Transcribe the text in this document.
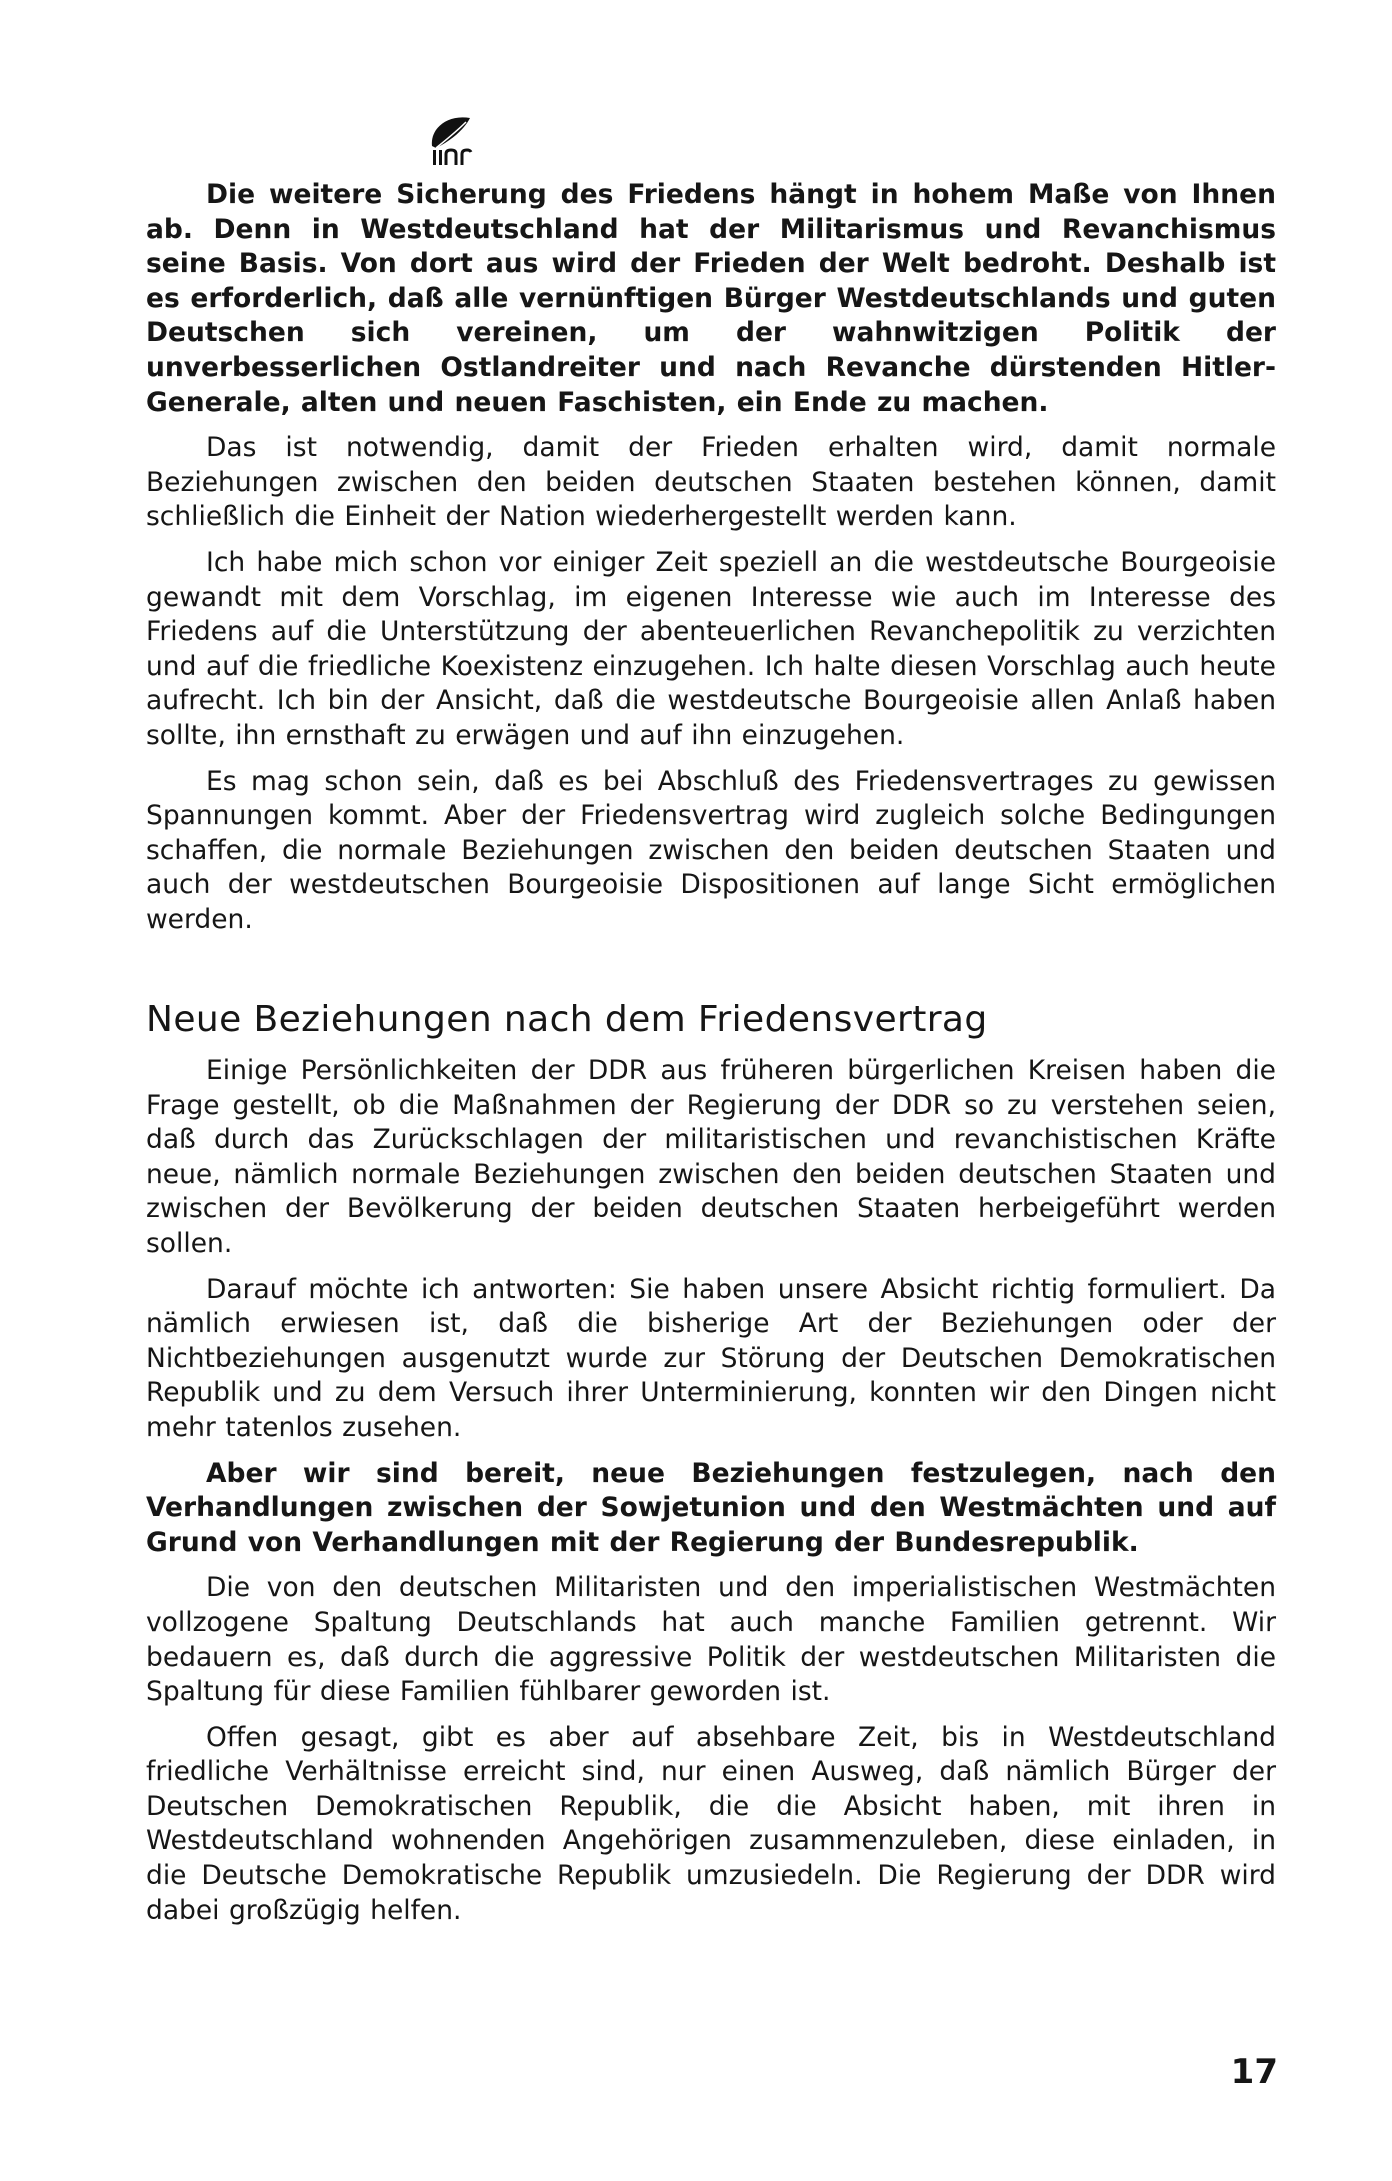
Die weitere Sicherung des Friedens hängt in hohem Maße von Ihnen ab. Denn in Westdeutschland hat der Militarismus und Revanchismus seine Basis. Von dort aus wird der Frieden der Welt bedroht. Deshalb ist es erforderlich, daß alle vernünftigen Bürger Westdeutschlands und guten Deutschen sich vereinen, um der wahnwitzigen Politik der unverbesserlichen Ostlandreiter und nach Revanche dürstenden Hitler-Generale, alten und neuen Faschisten, ein Ende zu machen.

Das ist notwendig, damit der Frieden erhalten wird, damit normale Beziehungen zwischen den beiden deutschen Staaten bestehen können, damit schließlich die Einheit der Nation wiederhergestellt werden kann.

Ich habe mich schon vor einiger Zeit speziell an die westdeutsche Bourgeoisie gewandt mit dem Vorschlag, im eigenen Interesse wie auch im Interesse des Friedens auf die Unterstützung der abenteuerlichen Revanchepolitik zu verzichten und auf die friedliche Koexistenz einzugehen. Ich halte diesen Vorschlag auch heute aufrecht. Ich bin der Ansicht, daß die westdeutsche Bourgeoisie allen Anlaß haben sollte, ihn ernsthaft zu erwägen und auf ihn einzugehen.

Es mag schon sein, daß es bei Abschluß des Friedensvertrages zu gewissen Spannungen kommt. Aber der Friedensvertrag wird zugleich solche Bedingungen schaffen, die normale Beziehungen zwischen den beiden deutschen Staaten und auch der westdeutschen Bourgeoisie Dispositionen auf lange Sicht ermöglichen werden.

Neue Beziehungen nach dem Friedensvertrag

Einige Persönlichkeiten der DDR aus früheren bürgerlichen Kreisen haben die Frage gestellt, ob die Maßnahmen der Regierung der DDR so zu verstehen seien, daß durch das Zurückschlagen der militaristischen und revanchistischen Kräfte neue, nämlich normale Beziehungen zwischen den beiden deutschen Staaten und zwischen der Bevölkerung der beiden deutschen Staaten herbeigeführt werden sollen.

Darauf möchte ich antworten: Sie haben unsere Absicht richtig formuliert. Da nämlich erwiesen ist, daß die bisherige Art der Beziehungen oder der Nichtbeziehungen ausgenutzt wurde zur Störung der Deutschen Demokratischen Republik und zu dem Versuch ihrer Unterminierung, konnten wir den Dingen nicht mehr tatenlos zusehen.

Aber wir sind bereit, neue Beziehungen festzulegen, nach den Verhandlungen zwischen der Sowjetunion und den Westmächten und auf Grund von Verhandlungen mit der Regierung der Bundesrepublik.

Die von den deutschen Militaristen und den imperialistischen Westmächten vollzogene Spaltung Deutschlands hat auch manche Familien getrennt. Wir bedauern es, daß durch die aggressive Politik der westdeutschen Militaristen die Spaltung für diese Familien fühlbarer geworden ist.

Offen gesagt, gibt es aber auf absehbare Zeit, bis in Westdeutschland friedliche Verhältnisse erreicht sind, nur einen Ausweg, daß nämlich Bürger der Deutschen Demokratischen Republik, die die Absicht haben, mit ihren in Westdeutschland wohnenden Angehörigen zusammenzuleben, diese einladen, in die Deutsche Demokratische Republik umzusiedeln. Die Regierung der DDR wird dabei großzügig helfen.

17
